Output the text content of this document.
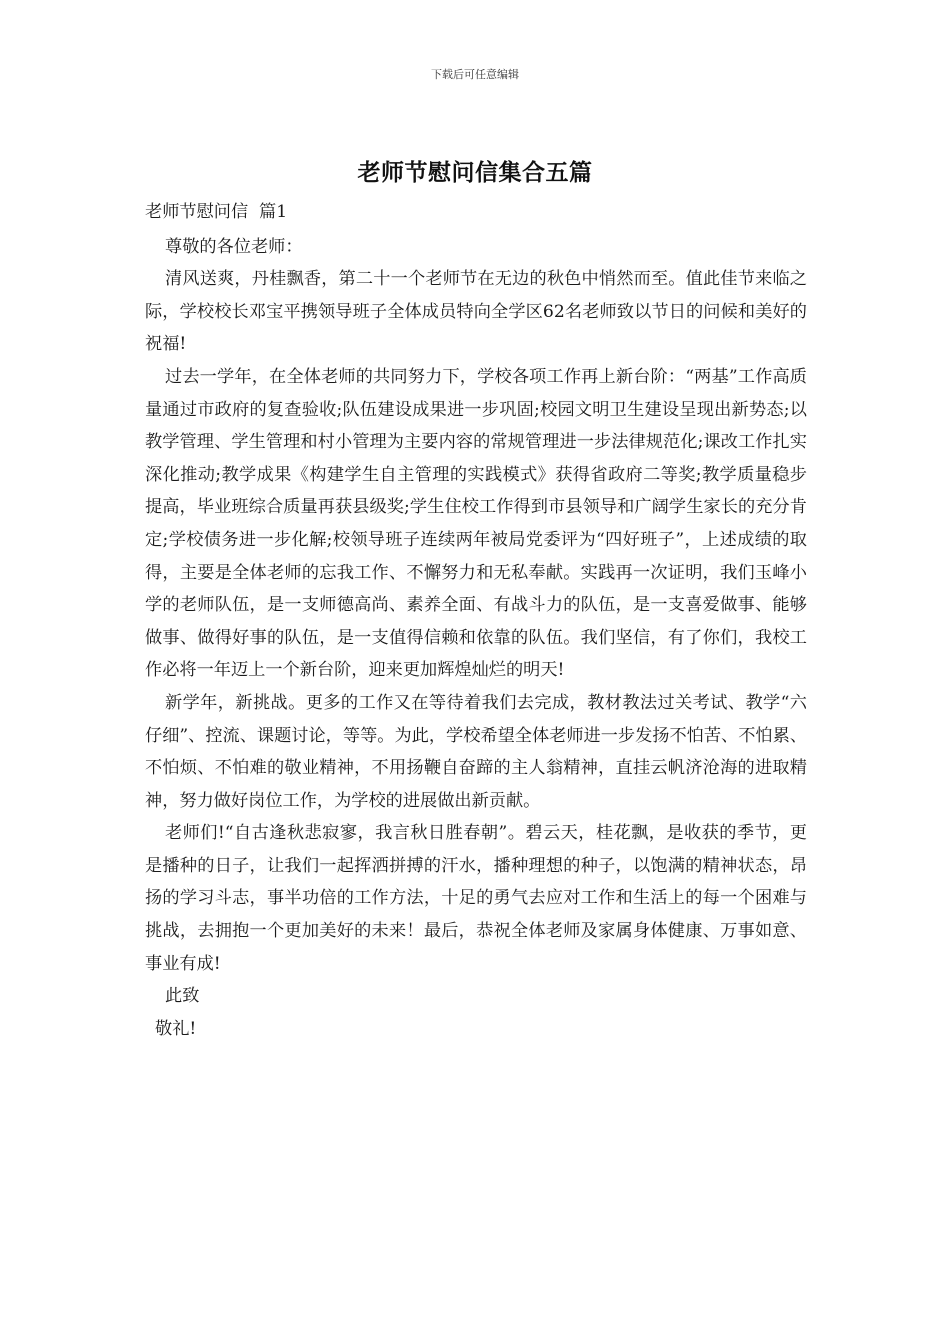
下载后可任意编辑
老师节慰问信集合五篇

老师节慰问信  篇1

尊敬的各位老师：

清风送爽，丹桂飘香，第二十一个老师节在无边的秋色中悄然而至。值此佳节来临之际，学校校长邓宝平携领导班子全体成员特向全学区62名老师致以节日的问候和美好的祝福!

过去一学年，在全体老师的共同努力下，学校各项工作再上新台阶：“两基”工作高质量通过市政府的复查验收;队伍建设成果进一步巩固;校园文明卫生建设呈现出新势态;以教学管理、学生管理和村小管理为主要内容的常规管理进一步法律规范化;课改工作扎实深化推动;教学成果《构建学生自主管理的实践模式》获得省政府二等奖;教学质量稳步提高，毕业班综合质量再获县级奖;学生住校工作得到市县领导和广阔学生家长的充分肯定;学校债务进一步化解;校领导班子连续两年被局党委评为“四好班子”，上述成绩的取得，主要是全体老师的忘我工作、不懈努力和无私奉献。实践再一次证明，我们玉峰小学的老师队伍，是一支师德高尚、素养全面、有战斗力的队伍，是一支喜爱做事、能够做事、做得好事的队伍，是一支值得信赖和依靠的队伍。我们坚信，有了你们，我校工作必将一年迈上一个新台阶，迎来更加辉煌灿烂的明天!

新学年，新挑战。更多的工作又在等待着我们去完成，教材教法过关考试、教学“六仔细”、控流、课题讨论，等等。为此，学校希望全体老师进一步发扬不怕苦、不怕累、不怕烦、不怕难的敬业精神，不用扬鞭自奋蹄的主人翁精神，直挂云帆济沧海的进取精神，努力做好岗位工作，为学校的进展做出新贡献。

老师们!“自古逢秋悲寂寥，我言秋日胜春朝”。碧云天，桂花飘，是收获的季节，更是播种的日子，让我们一起挥洒拼搏的汗水，播种理想的种子，以饱满的精神状态，昂扬的学习斗志，事半功倍的工作方法，十足的勇气去应对工作和生活上的每一个困难与挑战，去拥抱一个更加美好的未来！最后，恭祝全体老师及家属身体健康、万事如意、事业有成!

此致

敬礼!
